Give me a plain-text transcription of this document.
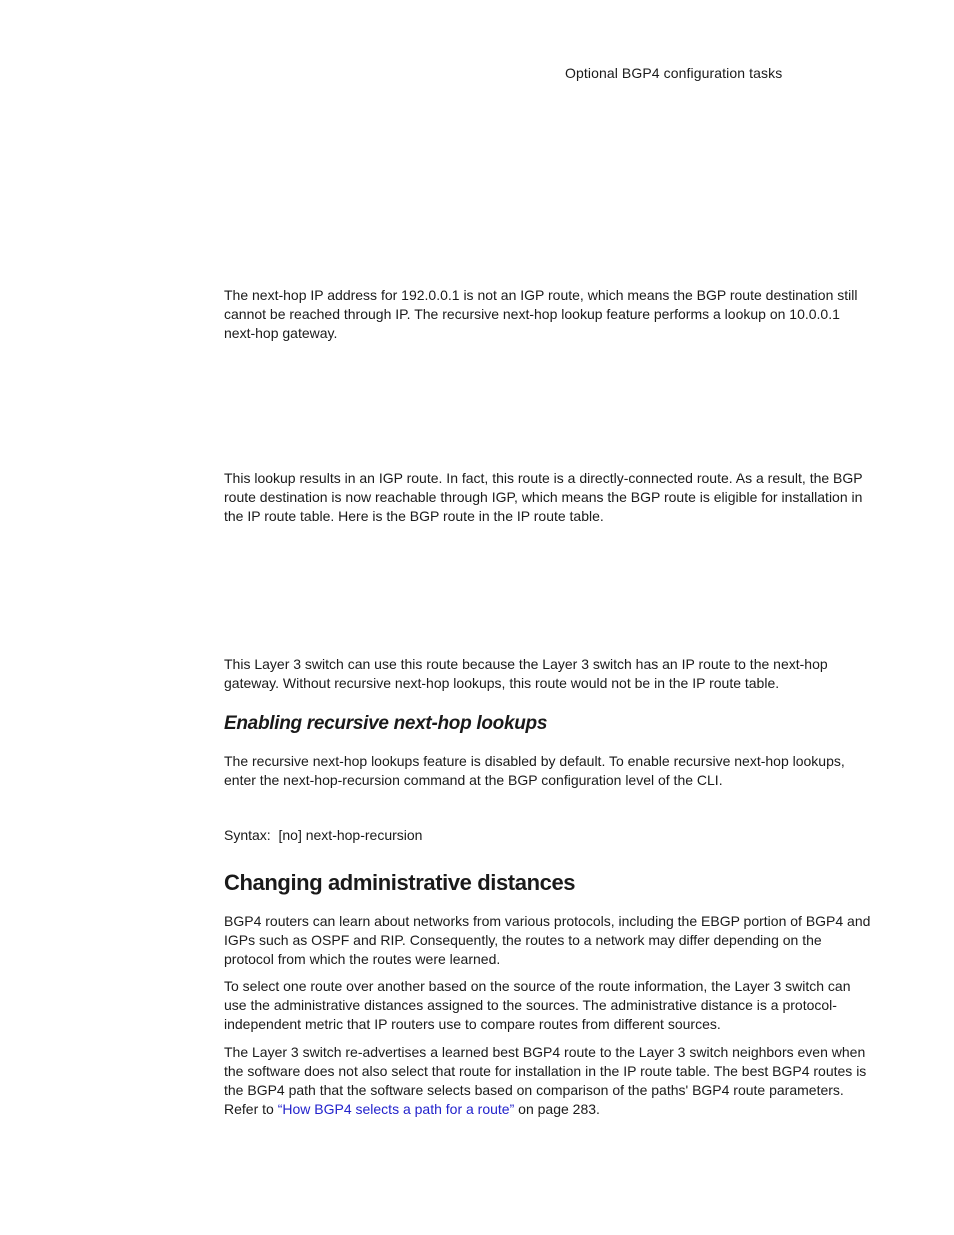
Optional BGP4 configuration tasks

The next-hop IP address for 192.0.0.1 is not an IGP route, which means the BGP route destination still cannot be reached through IP. The recursive next-hop lookup feature performs a lookup on 10.0.0.1 next-hop gateway.

This lookup results in an IGP route. In fact, this route is a directly-connected route. As a result, the BGP route destination is now reachable through IGP, which means the BGP route is eligible for installation in the IP route table. Here is the BGP route in the IP route table.

This Layer 3 switch can use this route because the Layer 3 switch has an IP route to the next-hop gateway. Without recursive next-hop lookups, this route would not be in the IP route table.

Enabling recursive next-hop lookups

The recursive next-hop lookups feature is disabled by default. To enable recursive next-hop lookups, enter the next-hop-recursion command at the BGP configuration level of the CLI.

Syntax: [no] next-hop-recursion
Changing administrative distances

BGP4 routers can learn about networks from various protocols, including the EBGP portion of BGP4 and IGPs such as OSPF and RIP. Consequently, the routes to a network may differ depending on the protocol from which the routes were learned.

To select one route over another based on the source of the route information, the Layer 3 switch can use the administrative distances assigned to the sources. The administrative distance is a protocol-independent metric that IP routers use to compare routes from different sources.

The Layer 3 switch re-advertises a learned best BGP4 route to the Layer 3 switch neighbors even when the software does not also select that route for installation in the IP route table. The best BGP4 routes is the BGP4 path that the software selects based on comparison of the paths' BGP4 route parameters. Refer to “How BGP4 selects a path for a route” on page 283.
